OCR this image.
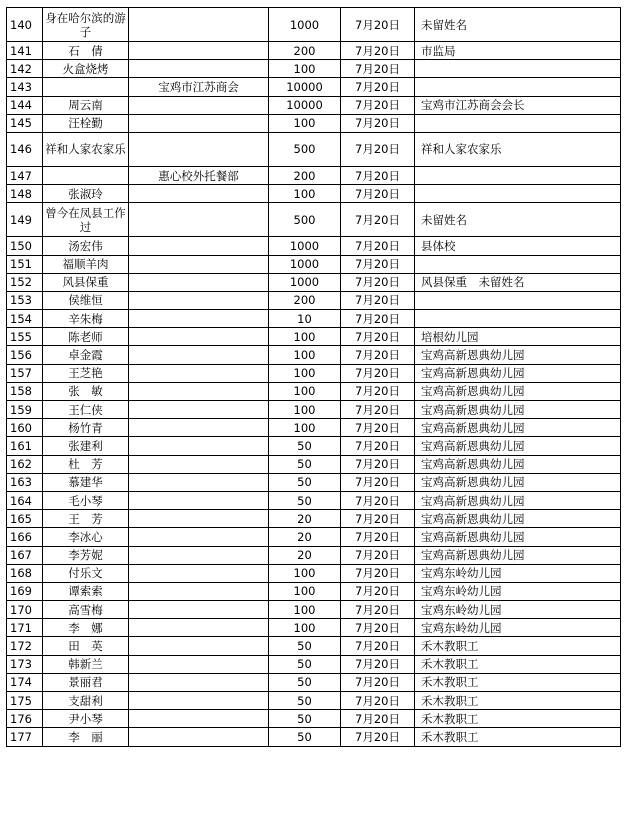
140	身在哈尔滨的游子		1000	7月20日	未留姓名
141	石　倩		200	7月20日	市监局
142	火盒烧烤		100	7月20日	
143		宝鸡市江苏商会	10000	7月20日	
144	周云南		10000	7月20日	宝鸡市江苏商会会长
145	汪栓勤		100	7月20日	
146	祥和人家农家乐		500	7月20日	祥和人家农家乐
147		惠心校外托餐部	200	7月20日	
148	张淑玲		100	7月20日	
149	曾今在凤县工作过		500	7月20日	未留姓名
150	汤宏伟		1000	7月20日	县体校
151	福顺羊肉		1000	7月20日	
152	风县保重		1000	7月20日	风县保重　未留姓名
153	侯维恒		200	7月20日	
154	辛朱梅		10	7月20日	
155	陈老师		100	7月20日	培根幼儿园
156	卓金霞		100	7月20日	宝鸡高新恩典幼儿园
157	王芝艳		100	7月20日	宝鸡高新恩典幼儿园
158	张　敏		100	7月20日	宝鸡高新恩典幼儿园
159	王仁侠		100	7月20日	宝鸡高新恩典幼儿园
160	杨竹青		100	7月20日	宝鸡高新恩典幼儿园
161	张建利		50	7月20日	宝鸡高新恩典幼儿园
162	杜　芳		50	7月20日	宝鸡高新恩典幼儿园
163	慕建华		50	7月20日	宝鸡高新恩典幼儿园
164	毛小琴		50	7月20日	宝鸡高新恩典幼儿园
165	王　芳		20	7月20日	宝鸡高新恩典幼儿园
166	李冰心		20	7月20日	宝鸡高新恩典幼儿园
167	李芳妮		20	7月20日	宝鸡高新恩典幼儿园
168	付乐文		100	7月20日	宝鸡东岭幼儿园
169	谭索索		100	7月20日	宝鸡东岭幼儿园
170	高雪梅		100	7月20日	宝鸡东岭幼儿园
171	李　娜		100	7月20日	宝鸡东岭幼儿园
172	田　英		50	7月20日	禾木教职工
173	韩新兰		50	7月20日	禾木教职工
174	景丽君		50	7月20日	禾木教职工
175	支甜利		50	7月20日	禾木教职工
176	尹小琴		50	7月20日	禾木教职工
177	李　丽		50	7月20日	禾木教职工
